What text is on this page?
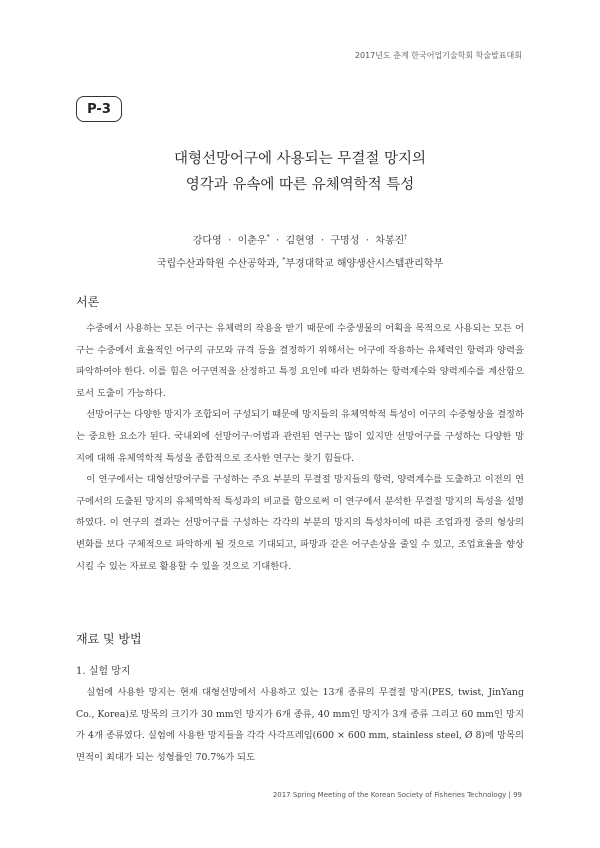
2017년도 춘계 한국어업기술학회 학술발표대회
P-3
대형선망어구에 사용되는 무결절 망지의
영각과 유속에 따른 유체역학적 특성
강다영 · 이춘우* · 김현영 · 구명성 · 차봉진†
국립수산과학원 수산공학과, *부경대학교 해양생산시스템관리학부
서론

수중에서 사용하는 모든 어구는 유체력의 작용을 받기 때문에 수중생물의 어획을 목적으로 사용되는 모든 어구는 수중에서 효율적인 어구의 규모와 규격 등을 결정하기 위해서는 어구에 작용하는 유체력인 항력과 양력을 파악하여야 한다. 이를 힘은 어구면적을 산정하고 특정 요인에 따라 변화하는 항력계수와 양력계수를 계산함으로서 도출이 가능하다.

선망어구는 다양한 망지가 조합되어 구성되기 때문에 망지들의 유체역학적 특성이 어구의 수중형상을 결정하는 중요한 요소가 된다. 국내외에 선망어구·어법과 관련된 연구는 많이 있지만 선망어구를 구성하는 다양한 망지에 대해 유체역학적 특성을 종합적으로 조사한 연구는 찾기 힘들다.

이 연구에서는 대형선망어구를 구성하는 주요 부분의 무결절 망지들의 항력, 양력계수를 도출하고 이전의 연구에서의 도출된 망지의 유체역학적 특성과의 비교를 함으로써 이 연구에서 분석한 무결절 망지의 특성을 설명하였다. 이 연구의 결과는 선망어구를 구성하는 각각의 부분의 망지의 특성차이에 따른 조업과정 중의 형상의 변화를 보다 구체적으로 파악하게 될 것으로 기대되고, 파망과 같은 어구손상을 줄일 수 있고, 조업효율을 향상시킬 수 있는 자료로 활용할 수 있을 것으로 기대한다.

재료 및 방법
1. 실험 망지

실험에 사용한 망지는 현재 대형선망에서 사용하고 있는 13개 종류의 무결절 망지(PES, twist, JinYang Co., Korea)로 망목의 크기가 30 mm인 망지가 6개 종류, 40 mm인 망지가 3개 종류 그리고 60 mm인 망지가 4개 종류였다. 실험에 사용한 망지들을 각각 사각프레임(600 × 600 mm, stainless steel, Ø 8)에 망목의 면적이 최대가 되는 성형률인 70.7%가 되도

2017 Spring Meeting of the Korean Society of Fisheries Technology | 99
